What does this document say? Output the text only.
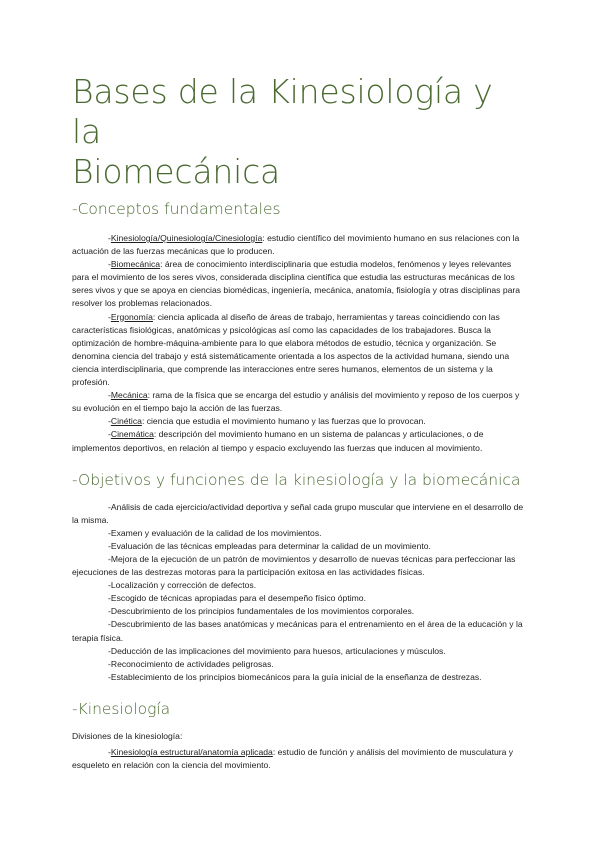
Bases de la Kinesiología y la
Biomecánica
-Conceptos fundamentales

-Kinesiología/Quinesiología/Cinesiología: estudio científico del movimiento humano en sus relaciones con la actuación de las fuerzas mecánicas que lo producen.

-Biomecánica: área de conocimiento interdisciplinaria que estudia modelos, fenómenos y leyes relevantes para el movimiento de los seres vivos, considerada disciplina científica que estudia las estructuras mecánicas de los seres vivos y que se apoya en ciencias biomédicas, ingeniería, mecánica, anatomía, fisiología y otras disciplinas para resolver los problemas relacionados.

-Ergonomía: ciencia aplicada al diseño de áreas de trabajo, herramientas y tareas coincidiendo con las características fisiológicas, anatómicas y psicológicas así como las capacidades de los trabajadores. Busca la optimización de hombre-máquina-ambiente para lo que elabora métodos de estudio, técnica y organización. Se denomina ciencia del trabajo y está sistemáticamente orientada a los aspectos de la actividad humana, siendo una ciencia interdisciplinaria, que comprende las interacciones entre seres humanos, elementos de un sistema y la profesión.

-Mecánica: rama de la física que se encarga del estudio y análisis del movimiento y reposo de los cuerpos y su evolución en el tiempo bajo la acción de las fuerzas.

-Cinética: ciencia que estudia el movimiento humano y las fuerzas que lo provocan.

-Cinemática: descripción del movimiento humano en un sistema de palancas y articulaciones, o de implementos deportivos, en relación al tiempo y espacio excluyendo las fuerzas que inducen al movimiento.

-Objetivos y funciones de la kinesiología y la biomecánica

-Análisis de cada ejercicio/actividad deportiva y señal cada grupo muscular que interviene en el desarrollo de la misma.

-Examen y evaluación de la calidad de los movimientos.

-Evaluación de las técnicas empleadas para determinar la calidad de un movimiento.

-Mejora de la ejecución de un patrón de movimientos y desarrollo de nuevas técnicas para perfeccionar las ejecuciones de las destrezas motoras para la participación exitosa en las actividades físicas.

-Localización y corrección de defectos.

-Escogido de técnicas apropiadas para el desempeño físico óptimo.

-Descubrimiento de los principios fundamentales de los movimientos corporales.

-Descubrimiento de las bases anatómicas y mecánicas para el entrenamiento en el área de la educación y la terapia física.

-Deducción de las implicaciones del movimiento para huesos, articulaciones y músculos.

-Reconocimiento de actividades peligrosas.

-Establecimiento de los principios biomecánicos para la guía inicial de la enseñanza de destrezas.

-Kinesiología

Divisiones de la kinesiología:

-Kinesiología estructural/anatomía aplicada: estudio de función y análisis del movimiento de musculatura y esqueleto en relación con la ciencia del movimiento.
